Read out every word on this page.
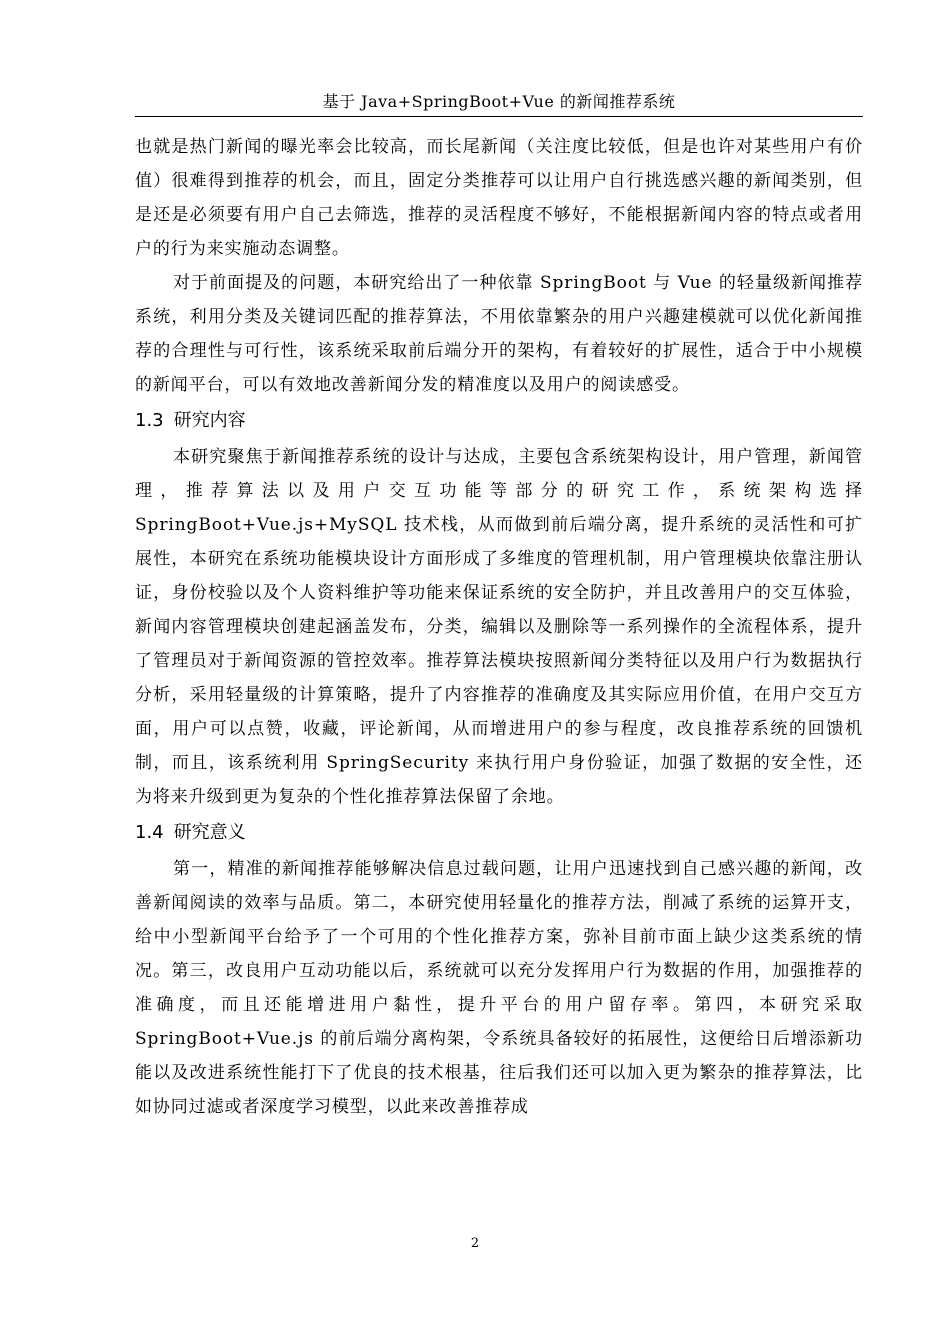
基于 Java+SpringBoot+Vue 的新闻推荐系统

也就是热门新闻的曝光率会比较高，而长尾新闻（关注度比较低，但是也许对某些用户有价值）很难得到推荐的机会，而且，固定分类推荐可以让用户自行挑选感兴趣的新闻类别，但是还是必须要有用户自己去筛选，推荐的灵活程度不够好，不能根据新闻内容的特点或者用户的行为来实施动态调整。

对于前面提及的问题，本研究给出了一种依靠 SpringBoot 与 Vue 的轻量级新闻推荐系统，利用分类及关键词匹配的推荐算法，不用依靠繁杂的用户兴趣建模就可以优化新闻推荐的合理性与可行性，该系统采取前后端分开的架构，有着较好的扩展性，适合于中小规模的新闻平台，可以有效地改善新闻分发的精准度以及用户的阅读感受。

1.3 研究内容

本研究聚焦于新闻推荐系统的设计与达成，主要包含系统架构设计，用户管理，新闻管理，推荐算法以及用户交互功能等部分的研究工作，系统架构选择SpringBoot+Vue.js+MySQL 技术栈，从而做到前后端分离，提升系统的灵活性和可扩展性，本研究在系统功能模块设计方面形成了多维度的管理机制，用户管理模块依靠注册认证，身份校验以及个人资料维护等功能来保证系统的安全防护，并且改善用户的交互体验，新闻内容管理模块创建起涵盖发布，分类，编辑以及删除等一系列操作的全流程体系，提升了管理员对于新闻资源的管控效率。推荐算法模块按照新闻分类特征以及用户行为数据执行分析，采用轻量级的计算策略，提升了内容推荐的准确度及其实际应用价值，在用户交互方面，用户可以点赞，收藏，评论新闻，从而增进用户的参与程度，改良推荐系统的回馈机制，而且，该系统利用 SpringSecurity 来执行用户身份验证，加强了数据的安全性，还为将来升级到更为复杂的个性化推荐算法保留了余地。

1.4 研究意义

第一，精准的新闻推荐能够解决信息过载问题，让用户迅速找到自己感兴趣的新闻，改善新闻阅读的效率与品质。第二，本研究使用轻量化的推荐方法，削减了系统的运算开支，给中小型新闻平台给予了一个可用的个性化推荐方案，弥补目前市面上缺少这类系统的情况。第三，改良用户互动功能以后，系统就可以充分发挥用户行为数据的作用，加强推荐的准确度，而且还能增进用户黏性，提升平台的用户留存率。第四，本研究采取 SpringBoot+Vue.js 的前后端分离构架，令系统具备较好的拓展性，这便给日后增添新功能以及改进系统性能打下了优良的技术根基，往后我们还可以加入更为繁杂的推荐算法，比如协同过滤或者深度学习模型，以此来改善推荐成

2
